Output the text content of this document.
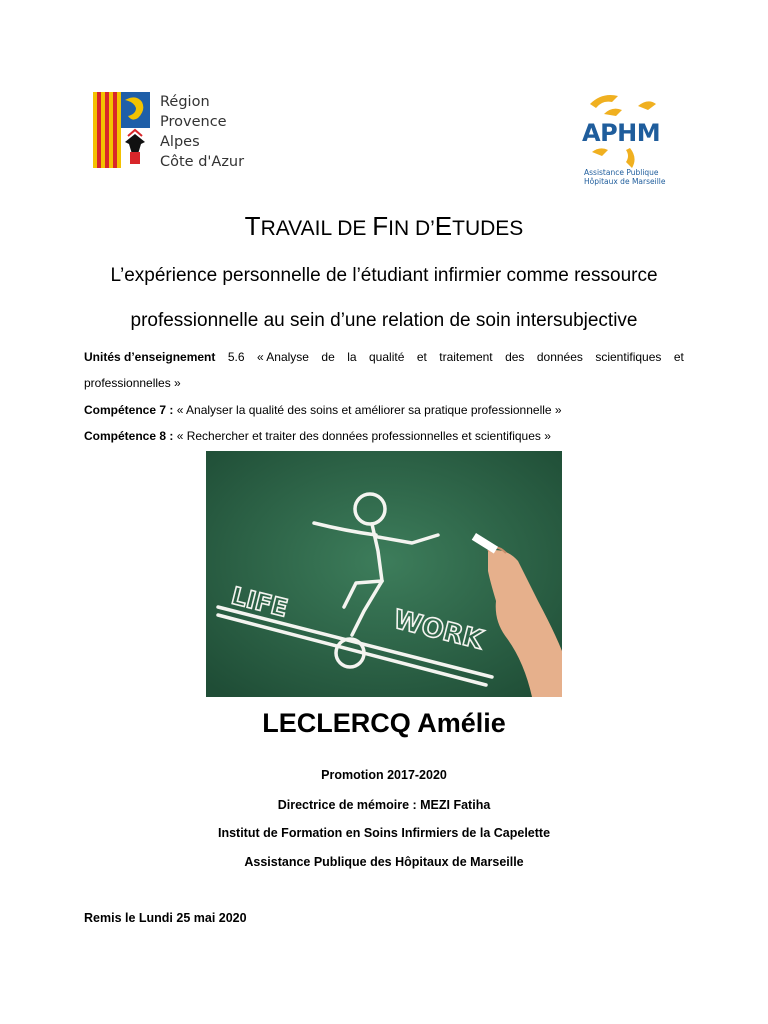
Région
Provence
Alpes
Côte d'Azur
APHM
Assistance Publique
Hôpitaux de Marseille
TRAVAIL DE FIN D’ETUDES
L’expérience personnelle de l’étudiant infirmier comme ressource
professionnelle au sein d’une relation de soin intersubjective
Unités d’enseignement 5.6 « Analyse de la qualité et traitement des données scientifiques et
professionnelles »
Compétence 7 : « Analyser la qualité des soins et améliorer sa pratique professionnelle »
Compétence 8 : « Rechercher et traiter des données professionnelles et scientifiques »
LIFE
WORK
LECLERCQ Amélie
Promotion 2017-2020
Directrice de mémoire : MEZI Fatiha
Institut de Formation en Soins Infirmiers de la Capelette
Assistance Publique des Hôpitaux de Marseille
Remis le Lundi 25 mai 2020
